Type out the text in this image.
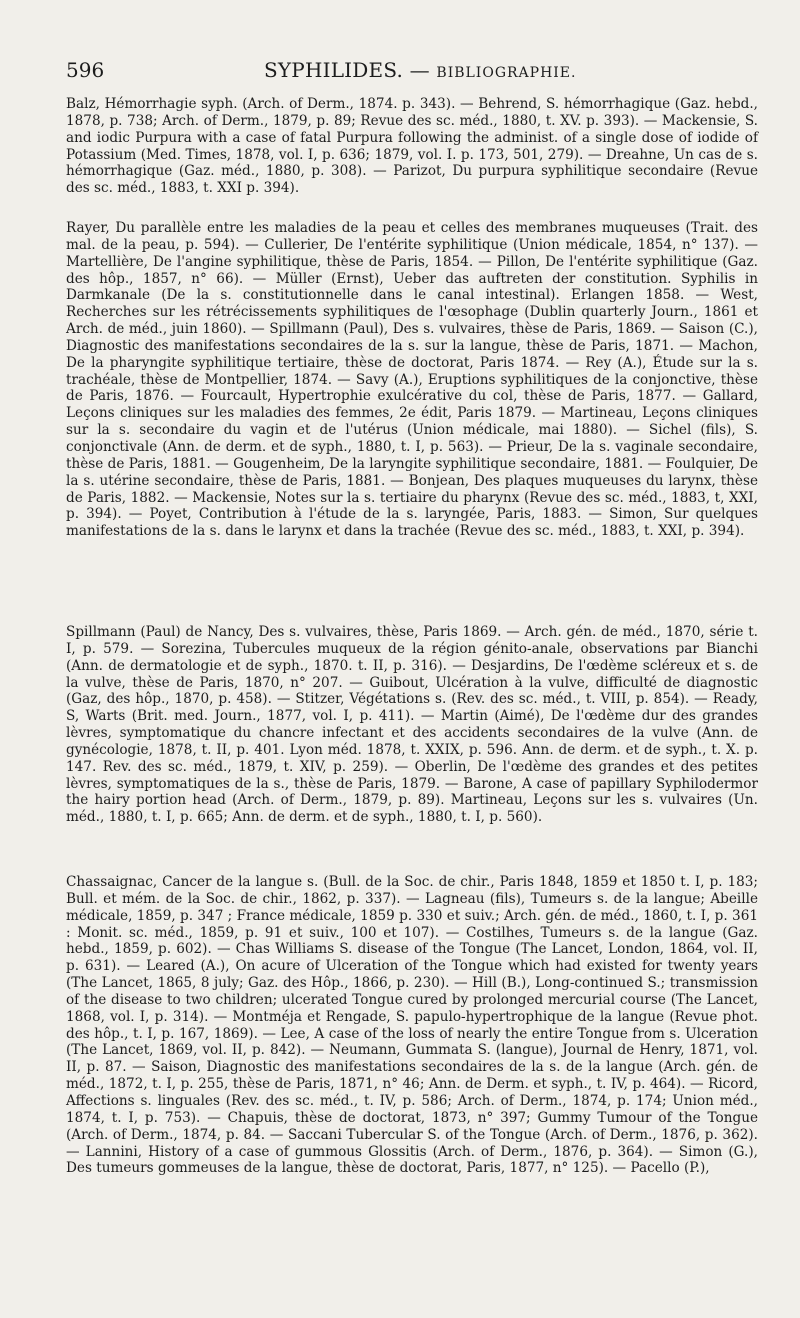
596	SYPHILIDES. — BIBLIOGRAPHIE.

Balz, Hémorrhagie syph. (Arch. of Derm., 1874. p. 343). — Behrend, S. hémorrhagique (Gaz. hebd., 1878, p. 738; Arch. of Derm., 1879, p. 89; Revue des sc. méd., 1880, t. XV. p. 393). — Mackensie, S. and iodic Purpura with a case of fatal Purpura following the administ. of a single dose of iodide of Potassium (Med. Times, 1878, vol. I, p. 636; 1879, vol. I. p. 173, 501, 279). — Dreahne, Un cas de s. hémorrhagique (Gaz. méd., 1880, p. 308). — Parizot, Du purpura syphilitique secondaire (Revue des sc. méd., 1883, t. XXI p. 394).

Rayer, Du parallèle entre les maladies de la peau et celles des membranes muqueuses (Trait. des mal. de la peau, p. 594). — Cullerier, De l'entérite syphilitique (Union médicale, 1854, n° 137). — Martellière, De l'angine syphilitique, thèse de Paris, 1854. — Pillon, De l'entérite syphilitique (Gaz. des hôp., 1857, n° 66). — Müller (Ernst), Ueber das auftreten der constitution. Syphilis in Darmkanale (De la s. constitutionnelle dans le canal intestinal). Erlangen 1858. — West, Recherches sur les rétrécissements syphilitiques de l'œsophage (Dublin quarterly Journ., 1861 et Arch. de méd., juin 1860). — Spillmann (Paul), Des s. vulvaires, thèse de Paris, 1869. — Saison (C.), Diagnostic des manifestations secondaires de la s. sur la langue, thèse de Paris, 1871. — Machon, De la pharyngite syphilitique tertiaire, thèse de doctorat, Paris 1874. — Rey (A.), Étude sur la s. trachéale, thèse de Montpellier, 1874. — Savy (A.), Eruptions syphilitiques de la conjonctive, thèse de Paris, 1876. — Fourcault, Hypertrophie exulcérative du col, thèse de Paris, 1877. — Gallard, Leçons cliniques sur les maladies des femmes, 2e édit, Paris 1879. — Martineau, Leçons cliniques sur la s. secondaire du vagin et de l'utérus (Union médicale, mai 1880). — Sichel (fils), S. conjonctivale (Ann. de derm. et de syph., 1880, t. I, p. 563). — Prieur, De la s. vaginale secondaire, thèse de Paris, 1881. — Gougenheim, De la laryngite syphilitique secondaire, 1881. — Foulquier, De la s. utérine secondaire, thèse de Paris, 1881. — Bonjean, Des plaques muqueuses du larynx, thèse de Paris, 1882. — Mackensie, Notes sur la s. tertiaire du pharynx (Revue des sc. méd., 1883, t, XXI, p. 394). — Poyet, Contribution à l'étude de la s. laryngée, Paris, 1883. — Simon, Sur quelques manifestations de la s. dans le larynx et dans la trachée (Revue des sc. méd., 1883, t. XXI, p. 394).

Spillmann (Paul) de Nancy, Des s. vulvaires, thèse, Paris 1869. — Arch. gén. de méd., 1870, série t. I, p. 579. — Sorezina, Tubercules muqueux de la région génito-anale, observations par Bianchi (Ann. de dermatologie et de syph., 1870. t. II, p. 316). — Desjardins, De l'œdème scléreux et s. de la vulve, thèse de Paris, 1870, n° 207. — Guibout, Ulcération à la vulve, difficulté de diagnostic (Gaz, des hôp., 1870, p. 458). — Stitzer, Végétations s. (Rev. des sc. méd., t. VIII, p. 854). — Ready, S, Warts (Brit. med. Journ., 1877, vol. I, p. 411). — Martin (Aimé), De l'œdème dur des grandes lèvres, symptomatique du chancre infectant et des accidents secondaires de la vulve (Ann. de gynécologie, 1878, t. II, p. 401. Lyon méd. 1878, t. XXIX, p. 596. Ann. de derm. et de syph., t. X. p. 147. Rev. des sc. méd., 1879, t. XIV, p. 259). — Oberlin, De l'œdème des grandes et des petites lèvres, symptomatiques de la s., thèse de Paris, 1879. — Barone, A case of papillary Syphilodermor the hairy portion head (Arch. of Derm., 1879, p. 89). Martineau, Leçons sur les s. vulvaires (Un. méd., 1880, t. I, p. 665; Ann. de derm. et de syph., 1880, t. I, p. 560).

Chassaignac, Cancer de la langue s. (Bull. de la Soc. de chir., Paris 1848, 1859 et 1850 t. I, p. 183; Bull. et mém. de la Soc. de chir., 1862, p. 337). — Lagneau (fils), Tumeurs s. de la langue; Abeille médicale, 1859, p. 347 ; France médicale, 1859 p. 330 et suiv.; Arch. gén. de méd., 1860, t. I, p. 361 : Monit. sc. méd., 1859, p. 91 et suiv., 100 et 107). — Costilhes, Tumeurs s. de la langue (Gaz. hebd., 1859, p. 602). — Chas Williams S. disease of the Tongue (The Lancet, London, 1864, vol. II, p. 631). — Leared (A.), On acure of Ulceration of the Tongue which had existed for twenty years (The Lancet, 1865, 8 july; Gaz. des Hôp., 1866, p. 230). — Hill (B.), Long-continued S.; transmission of the disease to two children; ulcerated Tongue cured by prolonged mercurial course (The Lancet, 1868, vol. I, p. 314). — Montméja et Rengade, S. papulo-hypertrophique de la langue (Revue phot. des hôp., t. I, p. 167, 1869). — Lee, A case of the loss of nearly the entire Tongue from s. Ulceration (The Lancet, 1869, vol. II, p. 842). — Neumann, Gummata S. (langue), Journal de Henry, 1871, vol. II, p. 87. — Saison, Diagnostic des manifestations secondaires de la s. de la langue (Arch. gén. de méd., 1872, t. I, p. 255, thèse de Paris, 1871, n° 46; Ann. de Derm. et syph., t. IV, p. 464). — Ricord, Affections s. linguales (Rev. des sc. méd., t. IV, p. 586; Arch. of Derm., 1874, p. 174; Union méd., 1874, t. I, p. 753). — Chapuis, thèse de doctorat, 1873, n° 397; Gummy Tumour of the Tongue (Arch. of Derm., 1874, p. 84. — Saccani Tubercular S. of the Tongue (Arch. of Derm., 1876, p. 362). — Lannini, History of a case of gummous Glossitis (Arch. of Derm., 1876, p. 364). — Simon (G.), Des tumeurs gommeuses de la langue, thèse de doctorat, Paris, 1877, n° 125). — Pacello (P.),
